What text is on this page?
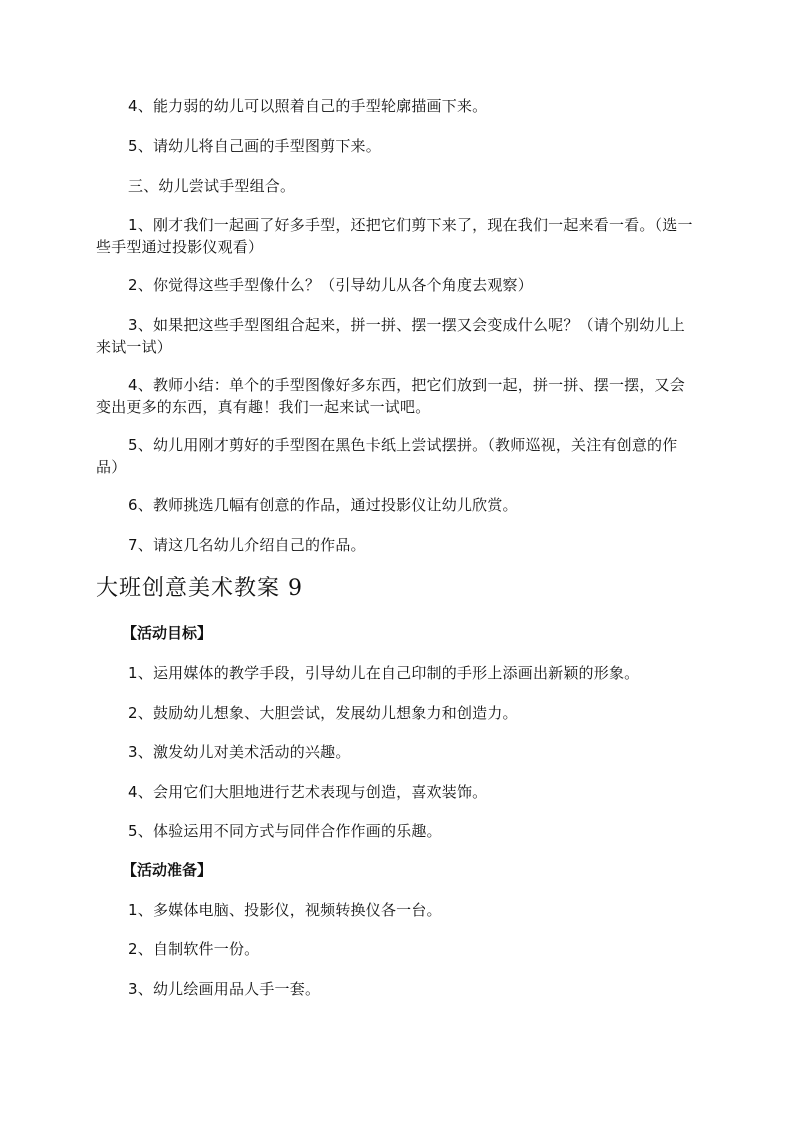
4、能力弱的幼儿可以照着自己的手型轮廓描画下来。

5、请幼儿将自己画的手型图剪下来。

三、幼儿尝试手型组合。

1、刚才我们一起画了好多手型，还把它们剪下来了，现在我们一起来看一看。（选一些手型通过投影仪观看）

2、你觉得这些手型像什么？（引导幼儿从各个角度去观察）

3、如果把这些手型图组合起来，拼一拼、摆一摆又会变成什么呢？（请个别幼儿上来试一试）

4、教师小结：单个的手型图像好多东西，把它们放到一起，拼一拼、摆一摆，又会变出更多的东西，真有趣！我们一起来试一试吧。

5、幼儿用刚才剪好的手型图在黑色卡纸上尝试摆拼。（教师巡视，关注有创意的作品）

6、教师挑选几幅有创意的作品，通过投影仪让幼儿欣赏。

7、请这几名幼儿介绍自己的作品。

大班创意美术教案 9

【活动目标】

1、运用媒体的教学手段，引导幼儿在自己印制的手形上添画出新颖的形象。

2、鼓励幼儿想象、大胆尝试，发展幼儿想象力和创造力。

3、激发幼儿对美术活动的兴趣。

4、会用它们大胆地进行艺术表现与创造，喜欢装饰。

5、体验运用不同方式与同伴合作作画的乐趣。

【活动准备】

1、多媒体电脑、投影仪，视频转换仪各一台。

2、自制软件一份。

3、幼儿绘画用品人手一套。
